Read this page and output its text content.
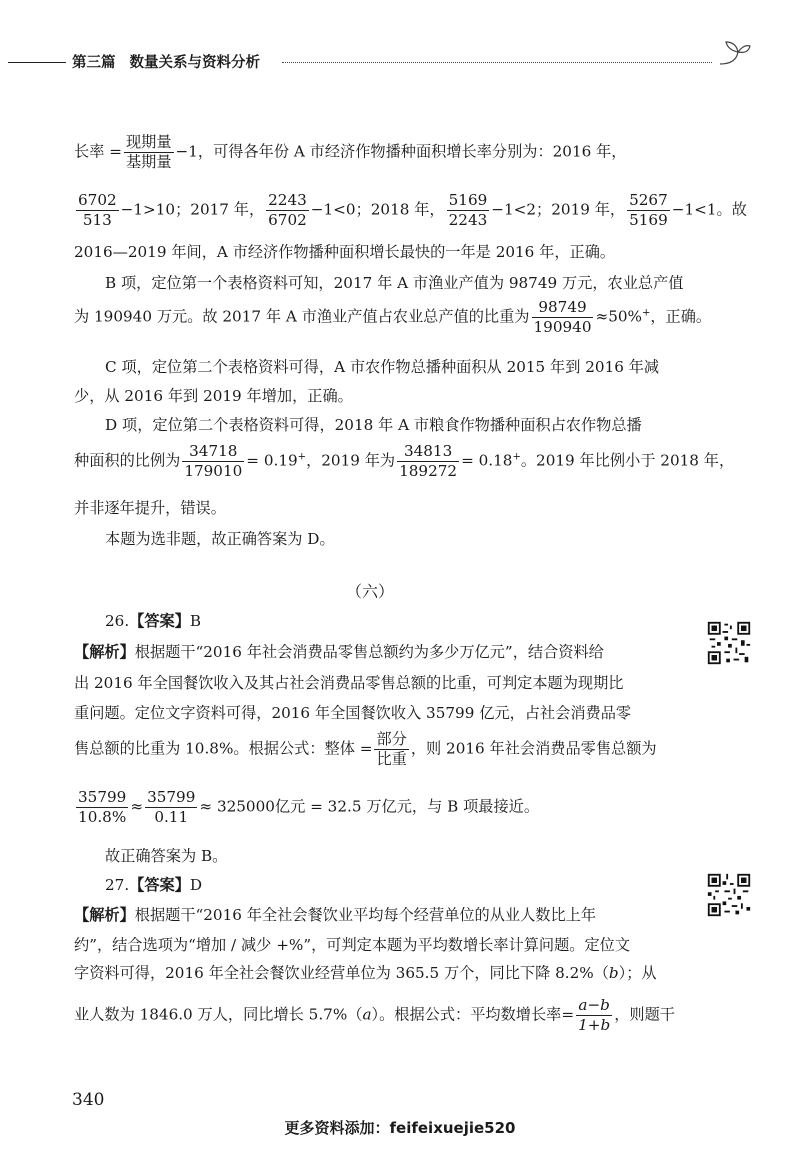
第三篇 数量关系与资料分析
长率 = $\frac{\text{现期量}}{\text{基期量}} -1$，可得各年份 A 市经济作物播种面积增长率分别为：2016 年，
$\frac{6702}{513} -1>10$；2017 年， $\frac{2243}{6702} -1<0$；2018 年， $\frac{5169}{2243} -1<2$；2019 年， $\frac{5267}{5169} -1<1$。故
2016—2019 年间，A 市经济作物播种面积增长最快的一年是 2016 年，正确。
B 项，定位第一个表格资料可知，2017 年 A 市渔业产值为 98749 万元，农业总产值
为 190940 万元。故 2017 年 A 市渔业产值占农业总产值的比重为 $\frac{98749}{190940} \approx 50\%^+$，正确。
C 项，定位第二个表格资料可得，A 市农作物总播种面积从 2015 年到 2016 年减
少，从 2016 年到 2019 年增加，正确。
D 项，定位第二个表格资料可得，2018 年 A 市粮食作物播种面积占农作物总播
种面积的比例为 $\frac{34718}{179010} = 0.19^+$，2019 年为 $\frac{34813}{189272} = 0.18^+$。2019 年比例小于 2018 年，
并非逐年提升，错误。
本题为选非题，故正确答案为 D。
（六）
26.【答案】B
【解析】根据题干“2016 年社会消费品零售总额约为多少万亿元”，结合资料给
出 2016 年全国餐饮收入及其占社会消费品零售总额的比重，可判定本题为现期比
重问题。定位文字资料可得，2016 年全国餐饮收入 35799 亿元，占社会消费品零
售总额的比重为 10.8%。根据公式：整体 = $\frac{\text{部分}}{\text{比重}}$ ，则 2016 年社会消费品零售总额为
$\frac{35799}{10.8\%} \approx \frac{35799}{0.11} \approx 325000$亿元 = 32.5 万亿元，与 B 项最接近。
故正确答案为 B。
27.【答案】D
【解析】根据题干“2016 年全社会餐饮业平均每个经营单位的从业人数比上年
约”，结合选项为“增加 / 减少 +%”，可判定本题为平均数增长率计算问题。定位文
字资料可得，2016 年全社会餐饮业经营单位为 365.5 万个，同比下降 8.2%（b）；从
业人数为 1846.0 万人，同比增长 5.7%（a）。根据公式：平均数增长率= $\frac{a-b}{1+b}$ ，则题干
340
更多资料添加：feifeixuejie520
